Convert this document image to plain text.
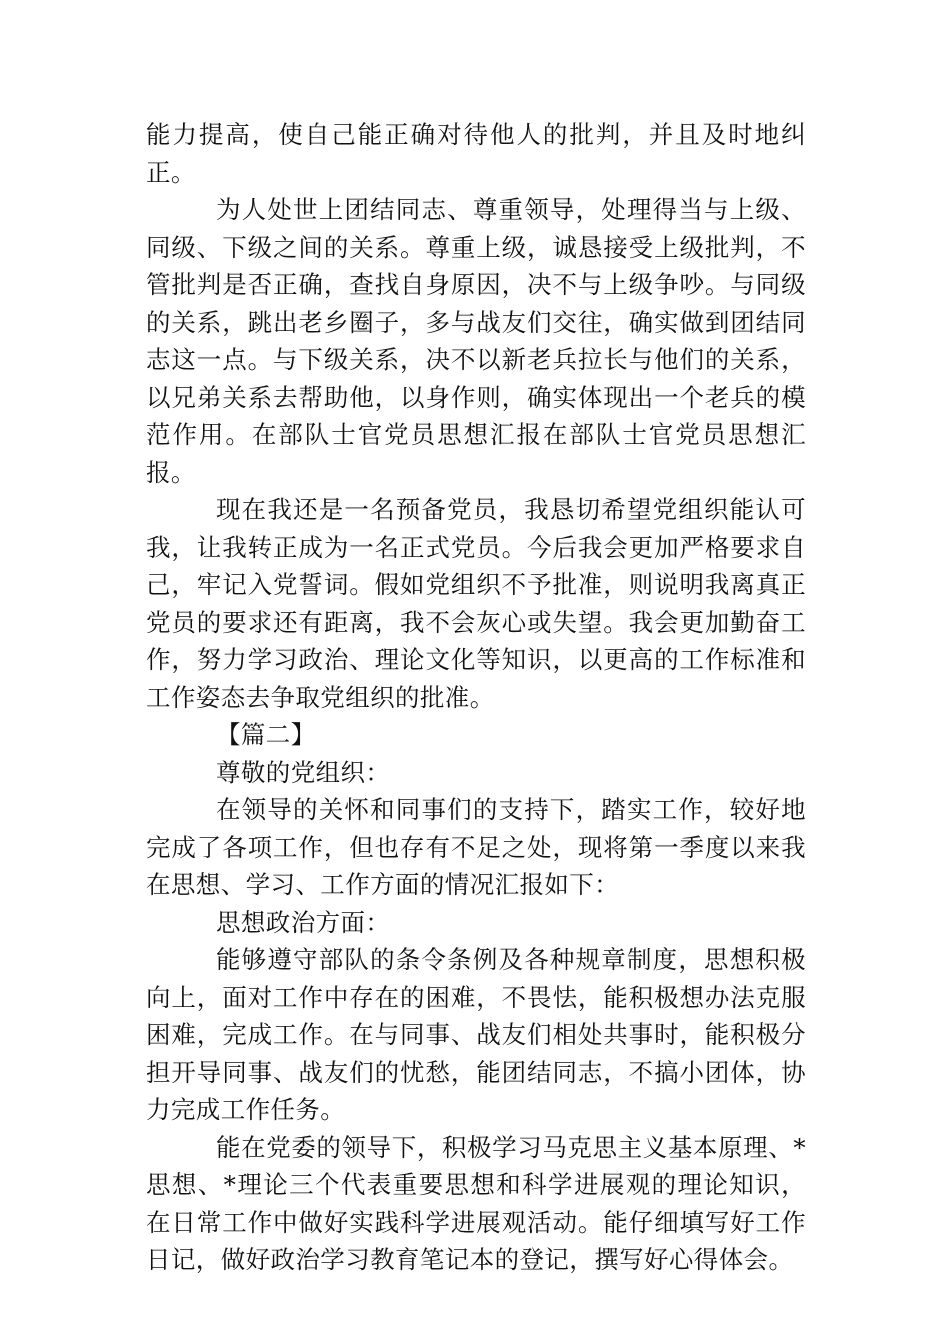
能力提高，使自己能正确对待他人的批判，并且及时地纠正。

为人处世上团结同志、尊重领导，处理得当与上级、同级、下级之间的关系。尊重上级，诚恳接受上级批判，不管批判是否正确，查找自身原因，决不与上级争吵。与同级的关系，跳出老乡圈子，多与战友们交往，确实做到团结同志这一点。与下级关系，决不以新老兵拉长与他们的关系，以兄弟关系去帮助他，以身作则，确实体现出一个老兵的模范作用。在部队士官党员思想汇报在部队士官党员思想汇报。

现在我还是一名预备党员，我恳切希望党组织能认可我，让我转正成为一名正式党员。今后我会更加严格要求自己，牢记入党誓词。假如党组织不予批准，则说明我离真正党员的要求还有距离，我不会灰心或失望。我会更加勤奋工作，努力学习政治、理论文化等知识，以更高的工作标准和工作姿态去争取党组织的批准。

【篇二】

尊敬的党组织：

在领导的关怀和同事们的支持下，踏实工作，较好地完成了各项工作，但也存有不足之处，现将第一季度以来我在思想、学习、工作方面的情况汇报如下：

思想政治方面：

能够遵守部队的条令条例及各种规章制度，思想积极向上，面对工作中存在的困难，不畏怯，能积极想办法克服困难，完成工作。在与同事、战友们相处共事时，能积极分担开导同事、战友们的忧愁，能团结同志，不搞小团体，协力完成工作任务。

能在党委的领导下，积极学习马克思主义基本原理、*思想、*理论三个代表重要思想和科学进展观的理论知识，在日常工作中做好实践科学进展观活动。能仔细填写好工作日记，做好政治学习教育笔记本的登记，撰写好心得体会。
